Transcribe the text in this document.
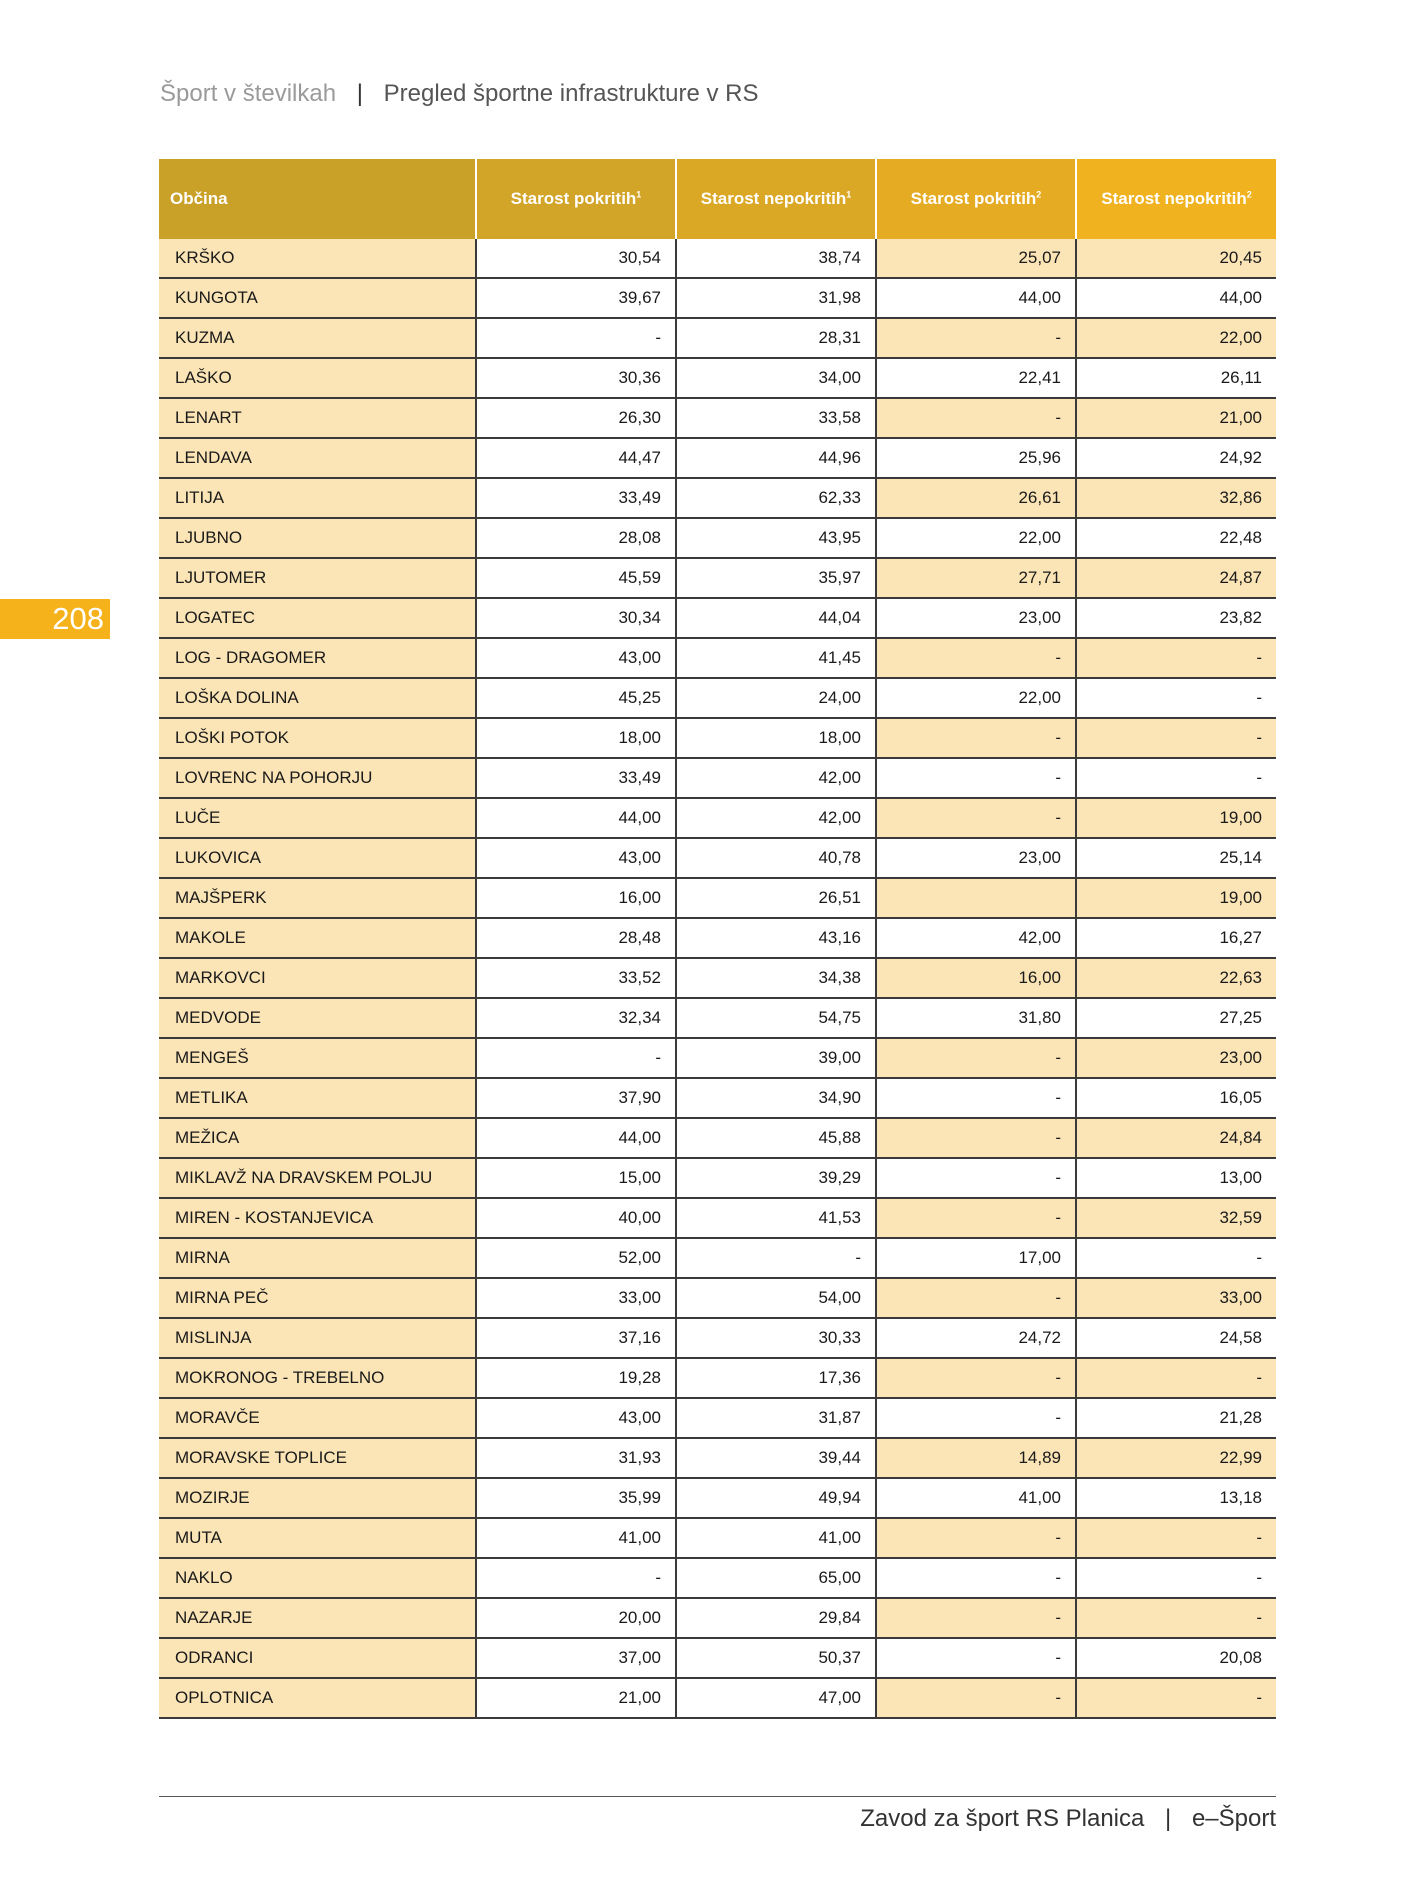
Šport v številkah | Pregled športne infrastrukture v RS
208
Občina	Starost pokritih$^1$	Starost nepokritih$^1$	Starost pokritih$^2$	Starost nepokritih$^2$
KRŠKO	30,54	38,74	25,07	20,45
KUNGOTA	39,67	31,98	44,00	44,00
KUZMA	-	28,31	-	22,00
LAŠKO	30,36	34,00	22,41	26,11
LENART	26,30	33,58	-	21,00
LENDAVA	44,47	44,96	25,96	24,92
LITIJA	33,49	62,33	26,61	32,86
LJUBNO	28,08	43,95	22,00	22,48
LJUTOMER	45,59	35,97	27,71	24,87
LOGATEC	30,34	44,04	23,00	23,82
LOG - DRAGOMER	43,00	41,45	-	-
LOŠKA DOLINA	45,25	24,00	22,00	-
LOŠKI POTOK	18,00	18,00	-	-
LOVRENC NA POHORJU	33,49	42,00	-	-
LUČE	44,00	42,00	-	19,00
LUKOVICA	43,00	40,78	23,00	25,14
MAJŠPERK	16,00	26,51		19,00
MAKOLE	28,48	43,16	42,00	16,27
MARKOVCI	33,52	34,38	16,00	22,63
MEDVODE	32,34	54,75	31,80	27,25
MENGEŠ	-	39,00	-	23,00
METLIKA	37,90	34,90	-	16,05
MEŽICA	44,00	45,88	-	24,84
MIKLAVŽ NA DRAVSKEM POLJU	15,00	39,29	-	13,00
MIREN - KOSTANJEVICA	40,00	41,53	-	32,59
MIRNA	52,00	-	17,00	-
MIRNA PEČ	33,00	54,00	-	33,00
MISLINJA	37,16	30,33	24,72	24,58
MOKRONOG - TREBELNO	19,28	17,36	-	-
MORAVČE	43,00	31,87	-	21,28
MORAVSKE TOPLICE	31,93	39,44	14,89	22,99
MOZIRJE	35,99	49,94	41,00	13,18
MUTA	41,00	41,00	-	-
NAKLO	-	65,00	-	-
NAZARJE	20,00	29,84	-	-
ODRANCI	37,00	50,37	-	20,08
OPLOTNICA	21,00	47,00	-	-
Zavod za šport RS Planica | e–Šport
